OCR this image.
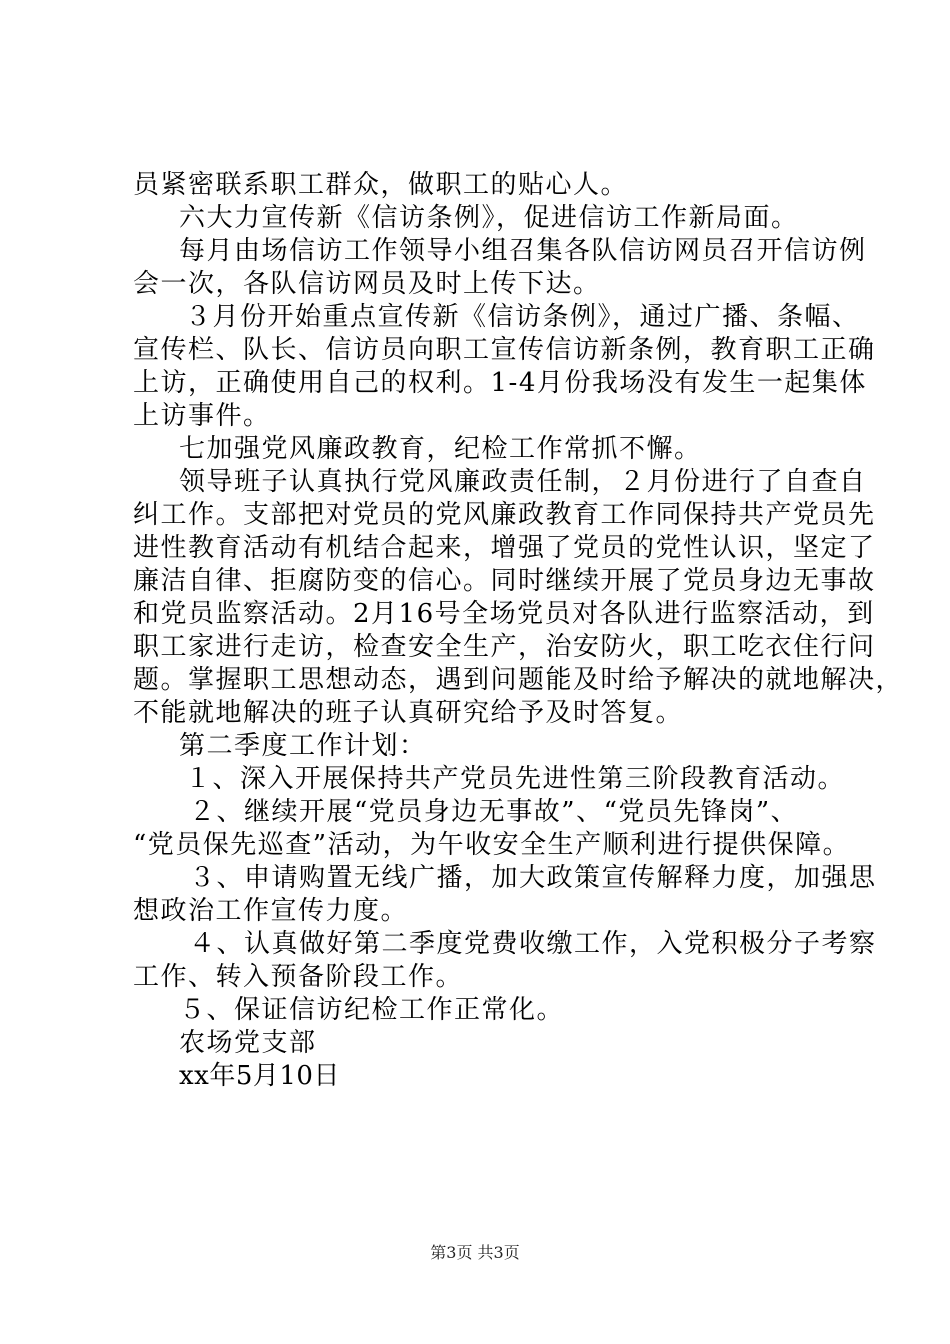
员紧密联系职工群众，做职工的贴心人。
六大力宣传新《信访条例》，促进信访工作新局面。
每月由场信访工作领导小组召集各队信访网员召开信访例
会一次，各队信访网员及时上传下达。
３月份开始重点宣传新《信访条例》，通过广播、条幅、
宣传栏、队长、信访员向职工宣传信访新条例，教育职工正确
上访，正确使用自己的权利。1-4月份我场没有发生一起集体
上访事件。
七加强党风廉政教育，纪检工作常抓不懈。
领导班子认真执行党风廉政责任制，２月份进行了自查自
纠工作。支部把对党员的党风廉政教育工作同保持共产党员先
进性教育活动有机结合起来，增强了党员的党性认识，坚定了
廉洁自律、拒腐防变的信心。同时继续开展了党员身边无事故
和党员监察活动。2月16号全场党员对各队进行监察活动，到
职工家进行走访，检查安全生产，治安防火，职工吃衣住行问
题。掌握职工思想动态，遇到问题能及时给予解决的就地解决，
不能就地解决的班子认真研究给予及时答复。
第二季度工作计划：
１、深入开展保持共产党员先进性第三阶段教育活动。
２、继续开展“党员身边无事故”、“党员先锋岗”、
“党员保先巡查”活动，为午收安全生产顺利进行提供保障。
３、申请购置无线广播，加大政策宣传解释力度，加强思
想政治工作宣传力度。
４、认真做好第二季度党费收缴工作，入党积极分子考察
工作、转入预备阶段工作。
５、保证信访纪检工作正常化。
农场党支部
xx年5月10日
第3页 共3页
